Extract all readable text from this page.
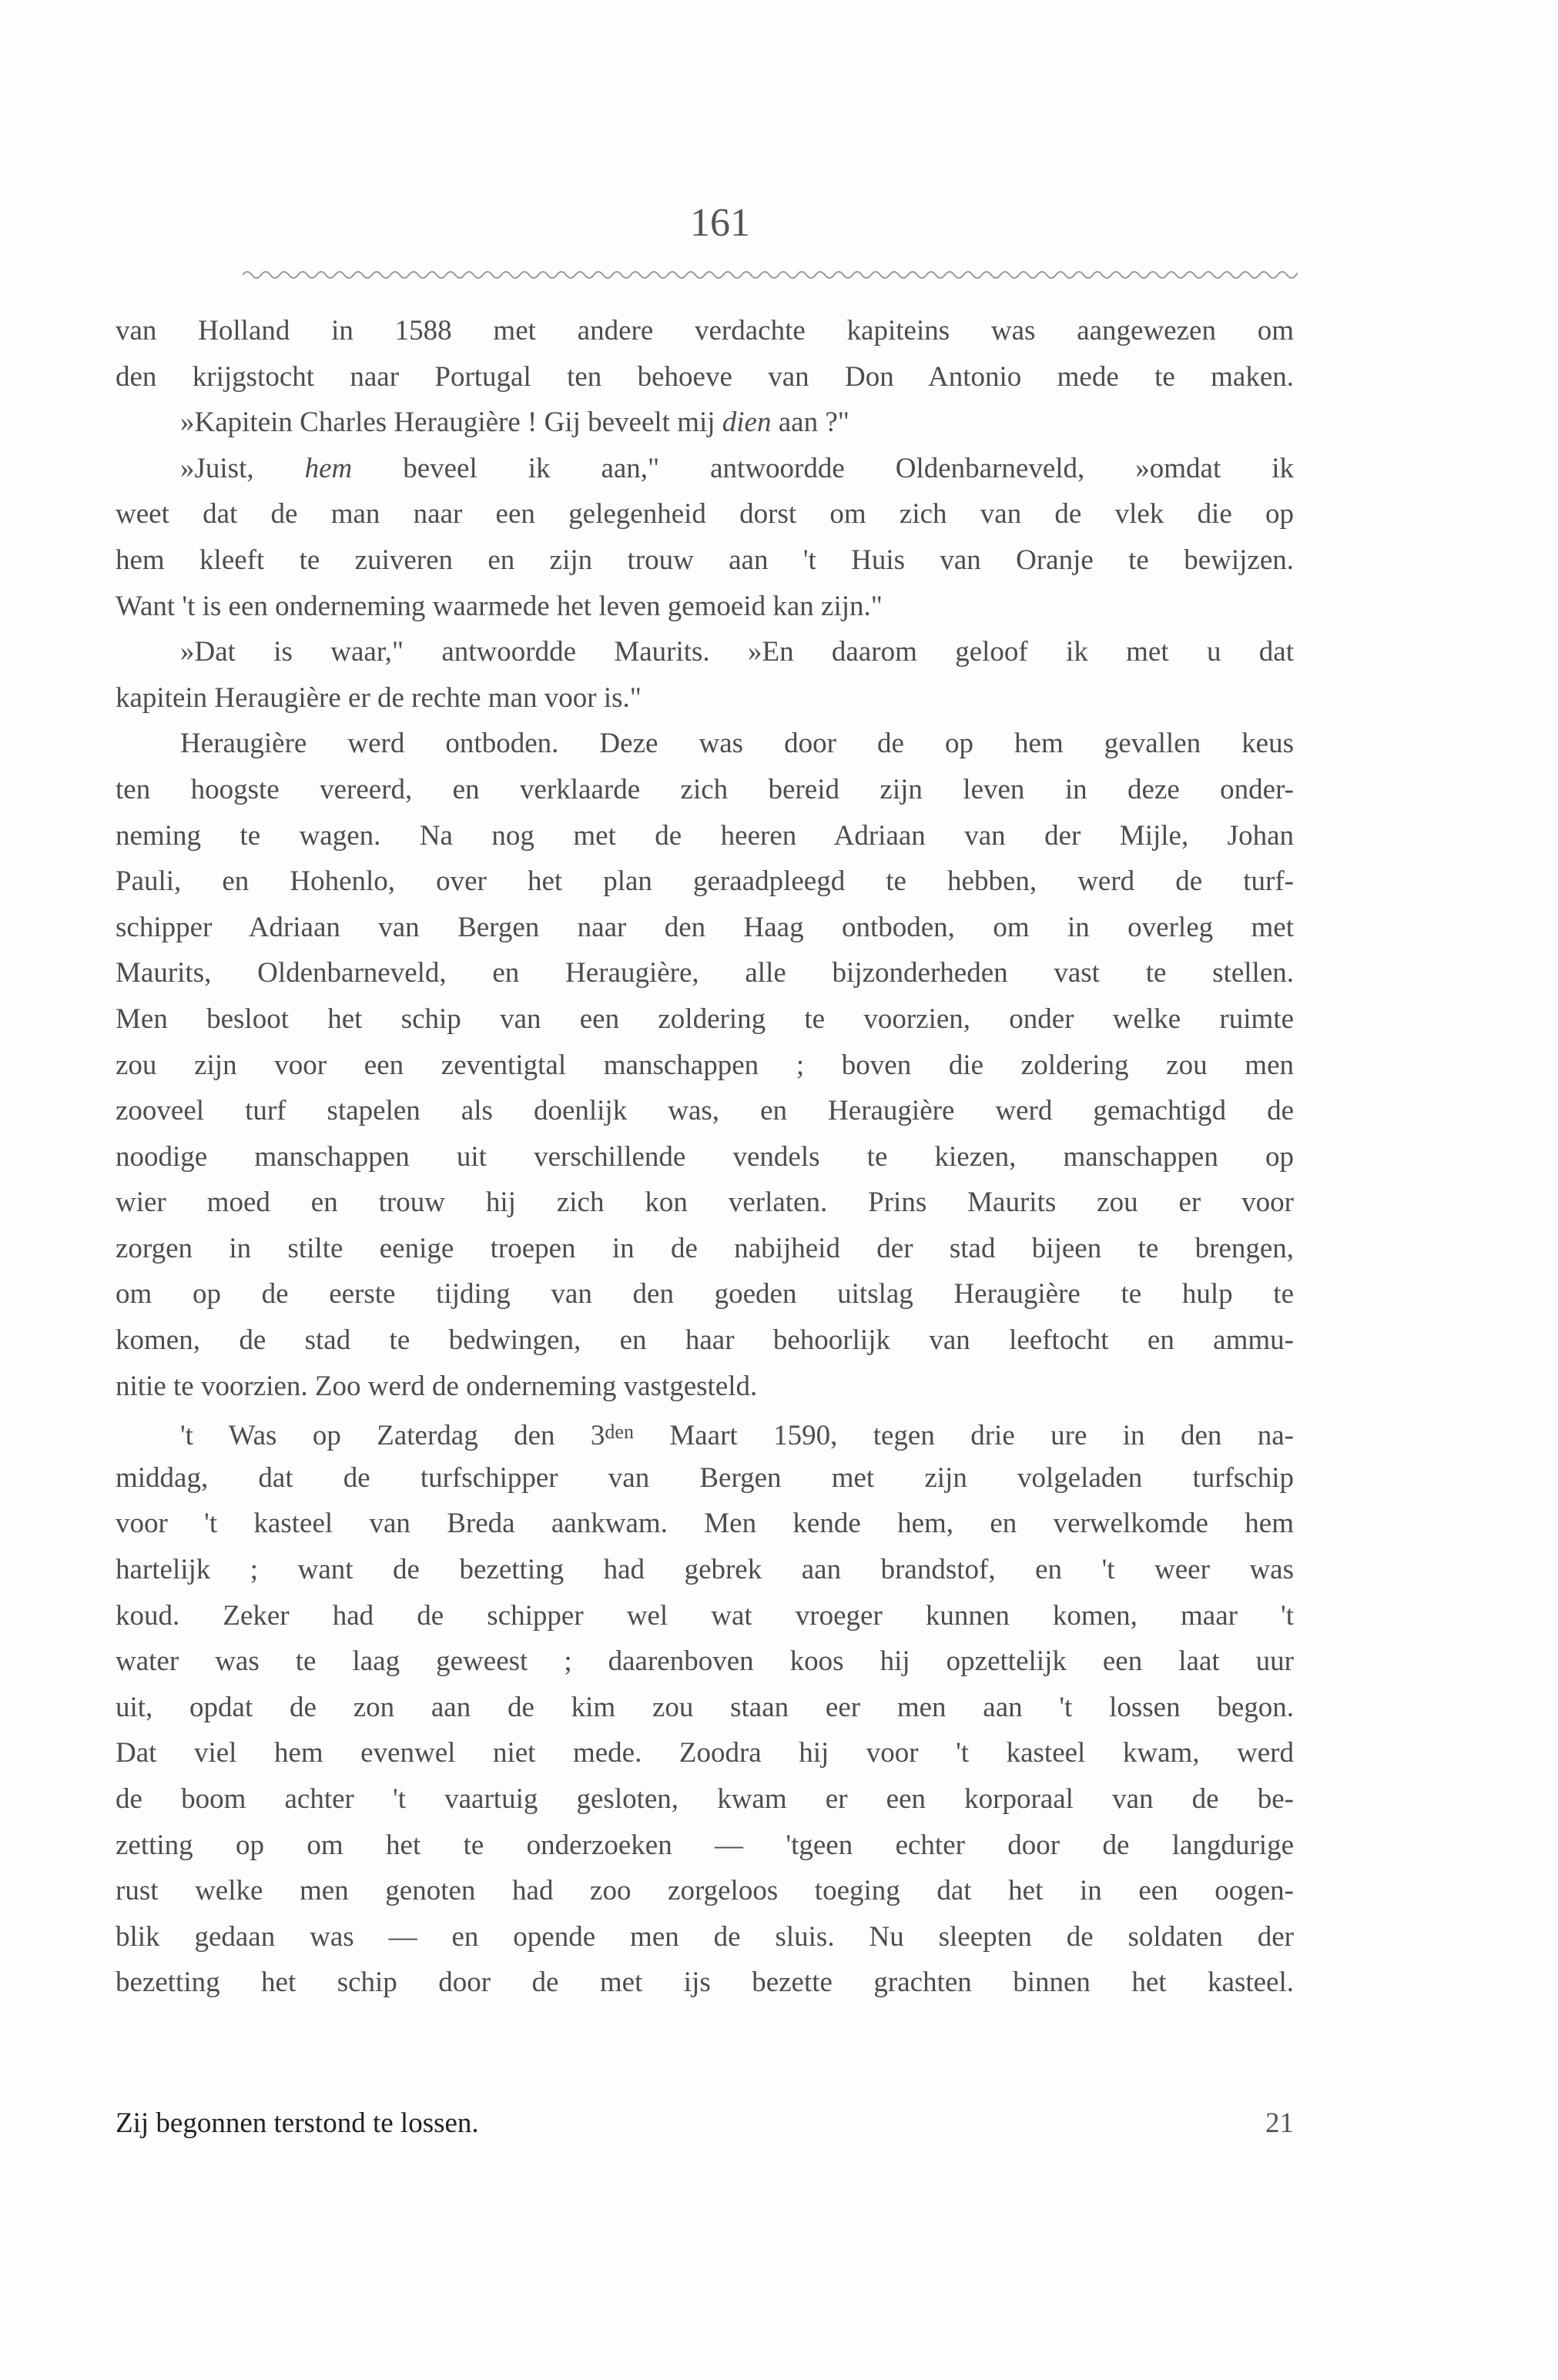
161
van Holland in 1588 met andere verdachte kapiteins was aangewezen om
den krijgstocht naar Portugal ten behoeve van Don Antonio mede te maken.
»Kapitein Charles Heraugière ! Gij beveelt mij dien aan ?"
»Juist, hem beveel ik aan," antwoordde Oldenbarneveld, »omdat ik
weet dat de man naar een gelegenheid dorst om zich van de vlek die op
hem kleeft te zuiveren en zijn trouw aan 't Huis van Oranje te bewijzen.
Want 't is een onderneming waarmede het leven gemoeid kan zijn."
»Dat is waar," antwoordde Maurits. »En daarom geloof ik met u dat
kapitein Heraugière er de rechte man voor is."
Heraugière werd ontboden. Deze was door de op hem gevallen keus
ten hoogste vereerd, en verklaarde zich bereid zijn leven in deze onder-
neming te wagen. Na nog met de heeren Adriaan van der Mijle, Johan
Pauli, en Hohenlo, over het plan geraadpleegd te hebben, werd de turf-
schipper Adriaan van Bergen naar den Haag ontboden, om in overleg met
Maurits, Oldenbarneveld, en Heraugière, alle bijzonderheden vast te stellen.
Men besloot het schip van een zoldering te voorzien, onder welke ruimte
zou zijn voor een zeventigtal manschappen ; boven die zoldering zou men
zooveel turf stapelen als doenlijk was, en Heraugière werd gemachtigd de
noodige manschappen uit verschillende vendels te kiezen, manschappen op
wier moed en trouw hij zich kon verlaten. Prins Maurits zou er voor
zorgen in stilte eenige troepen in de nabijheid der stad bijeen te brengen,
om op de eerste tijding van den goeden uitslag Heraugière te hulp te
komen, de stad te bedwingen, en haar behoorlijk van leeftocht en ammu-
nitie te voorzien. Zoo werd de onderneming vastgesteld.
't Was op Zaterdag den $3^{den}$ Maart 1590, tegen drie ure in den na-
middag, dat de turfschipper van Bergen met zijn volgeladen turfschip
voor 't kasteel van Breda aankwam. Men kende hem, en verwelkomde hem
hartelijk ; want de bezetting had gebrek aan brandstof, en 't weer was
koud. Zeker had de schipper wel wat vroeger kunnen komen, maar 't
water was te laag geweest ; daarenboven koos hij opzettelijk een laat uur
uit, opdat de zon aan de kim zou staan eer men aan 't lossen begon.
Dat viel hem evenwel niet mede. Zoodra hij voor 't kasteel kwam, werd
de boom achter 't vaartuig gesloten, kwam er een korporaal van de be-
zetting op om het te onderzoeken — 'tgeen echter door de langdurige
rust welke men genoten had zoo zorgeloos toeging dat het in een oogen-
blik gedaan was — en opende men de sluis. Nu sleepten de soldaten der
bezetting het schip door de met ijs bezette grachten binnen het kasteel.
Zij begonnen terstond te lossen.	21
